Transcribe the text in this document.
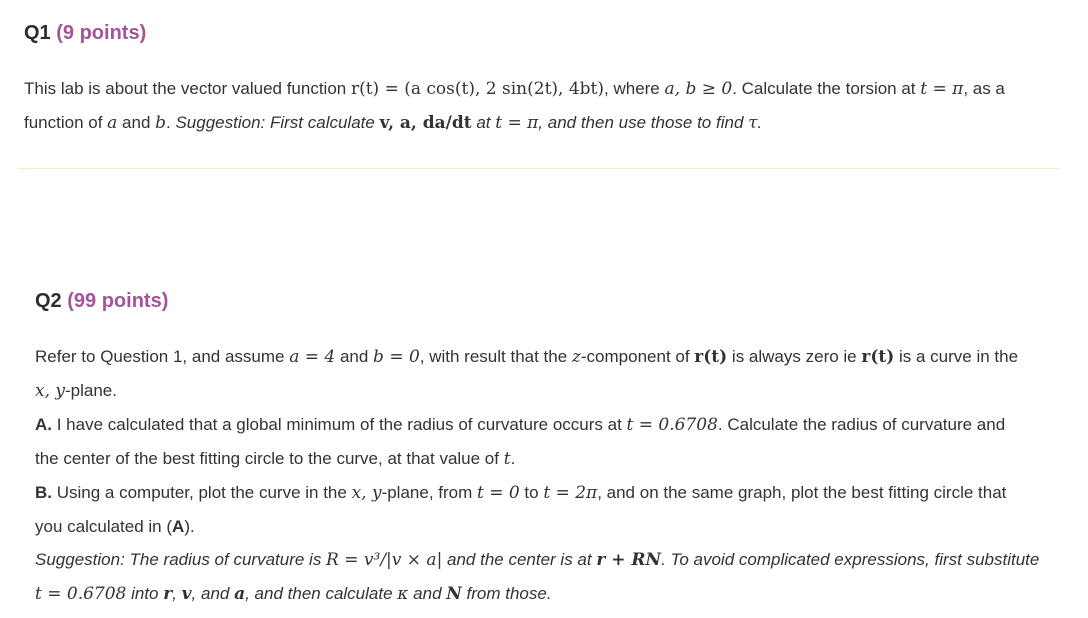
Q1 (9 points)
This lab is about the vector valued function r(t) = (a cos(t), 2 sin(2t), 4bt), where a, b ≥ 0. Calculate the torsion at t = π, as a
function of a and b. Suggestion: First calculate v, a, da/dt at t = π, and then use those to find τ.
Q2 (99 points)
Refer to Question 1, and assume a = 4 and b = 0, with result that the z-component of r(t) is always zero ie r(t) is a curve in the
x, y-plane.
A. I have calculated that a global minimum of the radius of curvature occurs at t = 0.6708. Calculate the radius of curvature and
the center of the best fitting circle to the curve, at that value of t.
B. Using a computer, plot the curve in the x, y-plane, from t = 0 to t = 2π, and on the same graph, plot the best fitting circle that
you calculated in (A).
Suggestion: The radius of curvature is R = v³/|v × a| and the center is at r + RN. To avoid complicated expressions, first substitute
t = 0.6708 into r, v, and a, and then calculate κ and N from those.
